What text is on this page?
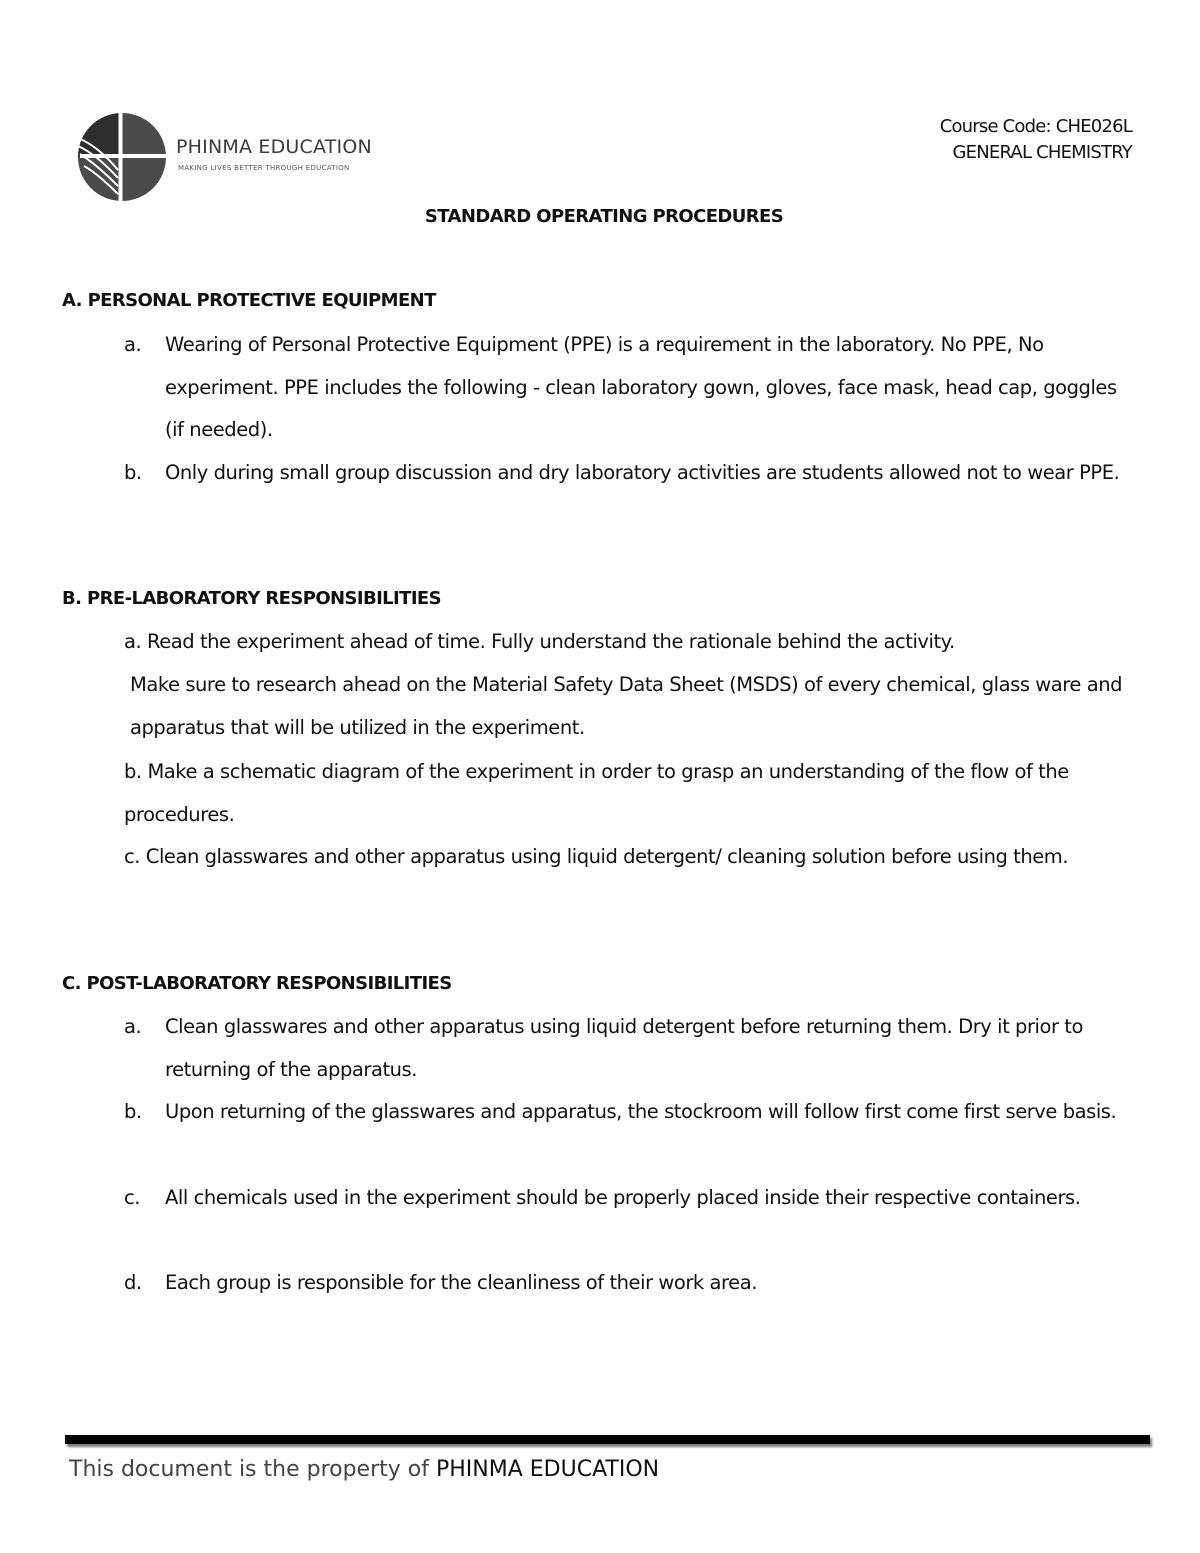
PHINMA EDUCATION
MAKING LIVES BETTER THROUGH EDUCATION
Course Code: CHE026L
GENERAL CHEMISTRY
STANDARD OPERATING PROCEDURES
A. PERSONAL PROTECTIVE EQUIPMENT
a.	Wearing of Personal Protective Equipment (PPE) is a requirement in the laboratory. No PPE, No experiment. PPE includes the following - clean laboratory gown, gloves, face mask, head cap, goggles (if needed).
b.	Only during small group discussion and dry laboratory activities are students allowed not to wear PPE.
B. PRE-LABORATORY RESPONSIBILITIES
a. Read the experiment ahead of time. Fully understand the rationale behind the activity.
Make sure to research ahead on the Material Safety Data Sheet (MSDS) of every chemical, glass ware and apparatus that will be utilized in the experiment.
b. Make a schematic diagram of the experiment in order to grasp an understanding of the flow of the procedures.
c. Clean glasswares and other apparatus using liquid detergent/ cleaning solution before using them.
C. POST-LABORATORY RESPONSIBILITIES
a.	Clean glasswares and other apparatus using liquid detergent before returning them. Dry it prior to returning of the apparatus.
b.	Upon returning of the glasswares and apparatus, the stockroom will follow first come first serve basis.
c.	All chemicals used in the experiment should be properly placed inside their respective containers.
d.	Each group is responsible for the cleanliness of their work area.
This document is the property of PHINMA EDUCATION
